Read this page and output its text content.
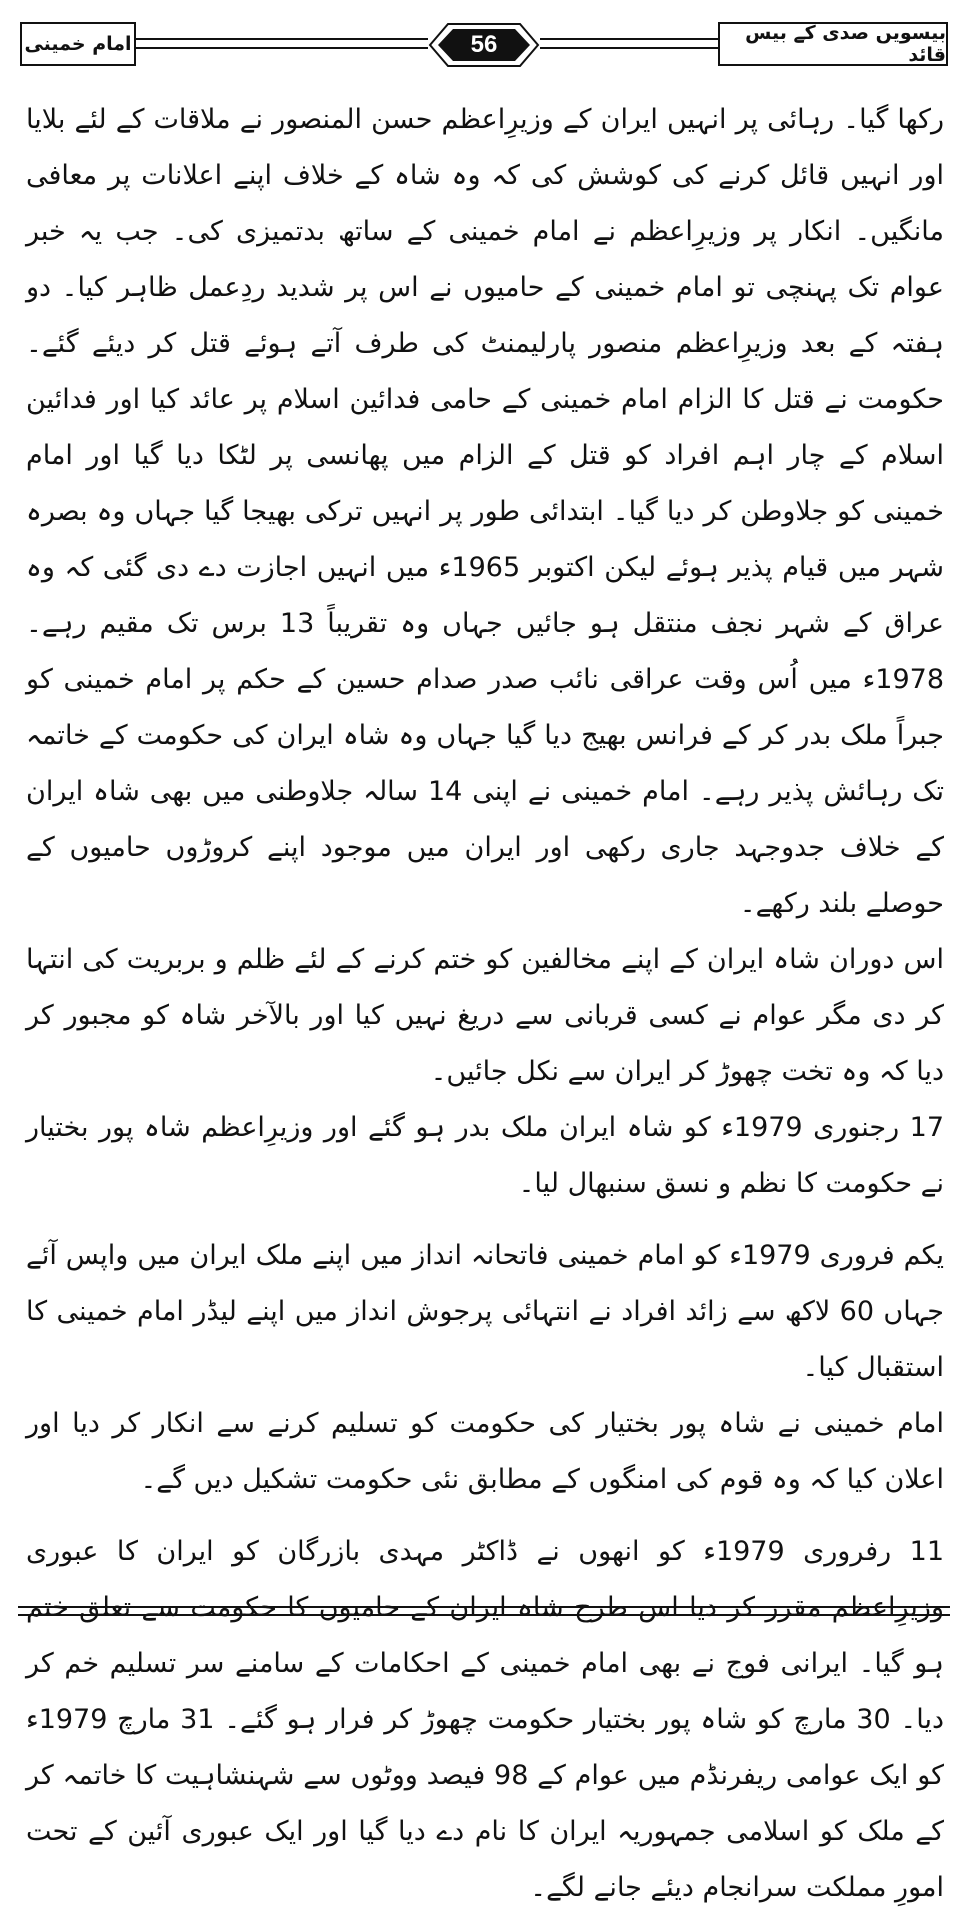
امام خمینی	56	بیسویں صدی کے بیس قائد

رکھا گیا۔ رہائی پر انہیں ایران کے وزیرِاعظم حسن المنصور نے ملاقات کے لئے بلایا اور انہیں قائل کرنے کی کوشش کی کہ وہ شاہ کے خلاف اپنے اعلانات پر معافی مانگیں۔ انکار پر وزیرِاعظم نے امام خمینی کے ساتھ بدتمیزی کی۔ جب یہ خبر عوام تک پہنچی تو امام خمینی کے حامیوں نے اس پر شدید ردِعمل ظاہر کیا۔ دو ہفتہ کے بعد وزیرِاعظم منصور پارلیمنٹ کی طرف آتے ہوئے قتل کر دیئے گئے۔ حکومت نے قتل کا الزام امام خمینی کے حامی فدائین اسلام پر عائد کیا اور فدائین اسلام کے چار اہم افراد کو قتل کے الزام میں پھانسی پر لٹکا دیا گیا اور امام خمینی کو جلاوطن کر دیا گیا۔ ابتدائی طور پر انہیں ترکی بھیجا گیا جہاں وہ بصرہ شہر میں قیام پذیر ہوئے لیکن اکتوبر 1965ء میں انہیں اجازت دے دی گئی کہ وہ عراق کے شہر نجف منتقل ہو جائیں جہاں وہ تقریباً 13 برس تک مقیم رہے۔ 1978ء میں اُس وقت عراقی نائب صدر صدام حسین کے حکم پر امام خمینی کو جبراً ملک بدر کر کے فرانس بھیج دیا گیا جہاں وہ شاہ ایران کی حکومت کے خاتمہ تک رہائش پذیر رہے۔ امام خمینی نے اپنی 14 سالہ جلاوطنی میں بھی شاہ ایران کے خلاف جدوجہد جاری رکھی اور ایران میں موجود اپنے کروڑوں حامیوں کے حوصلے بلند رکھے۔

اس دوران شاہ ایران کے اپنے مخالفین کو ختم کرنے کے لئے ظلم و بربریت کی انتہا کر دی مگر عوام نے کسی قربانی سے دریغ نہیں کیا اور بالآخر شاہ کو مجبور کر دیا کہ وہ تخت چھوڑ کر ایران سے نکل جائیں۔

17 رجنوری 1979ء کو شاہ ایران ملک بدر ہو گئے اور وزیرِاعظم شاہ پور بختیار نے حکومت کا نظم و نسق سنبھال لیا۔

یکم فروری 1979ء کو امام خمینی فاتحانہ انداز میں اپنے ملک ایران میں واپس آئے جہاں 60 لاکھ سے زائد افراد نے انتہائی پرجوش انداز میں اپنے لیڈر امام خمینی کا استقبال کیا۔

امام خمینی نے شاہ پور بختیار کی حکومت کو تسلیم کرنے سے انکار کر دیا اور اعلان کیا کہ وہ قوم کی امنگوں کے مطابق نئی حکومت تشکیل دیں گے۔

11 رفروری 1979ء کو انھوں نے ڈاکٹر مہدی بازرگان کو ایران کا عبوری وزیرِاعظم مقرر کر دیا اس طرح شاہ ایران کے حامیوں کا حکومت سے تعلق ختم ہو گیا۔ ایرانی فوج نے بھی امام خمینی کے احکامات کے سامنے سر تسلیم خم کر دیا۔ 30 مارچ کو شاہ پور بختیار حکومت چھوڑ کر فرار ہو گئے۔ 31 مارچ 1979ء کو ایک عوامی ریفرنڈم میں عوام کے 98 فیصد ووٹوں سے شہنشاہیت کا خاتمہ کر کے ملک کو اسلامی جمہوریہ ایران کا نام دے دیا گیا اور ایک عبوری آئین کے تحت امورِ مملکت سرانجام دیئے جانے لگے۔
